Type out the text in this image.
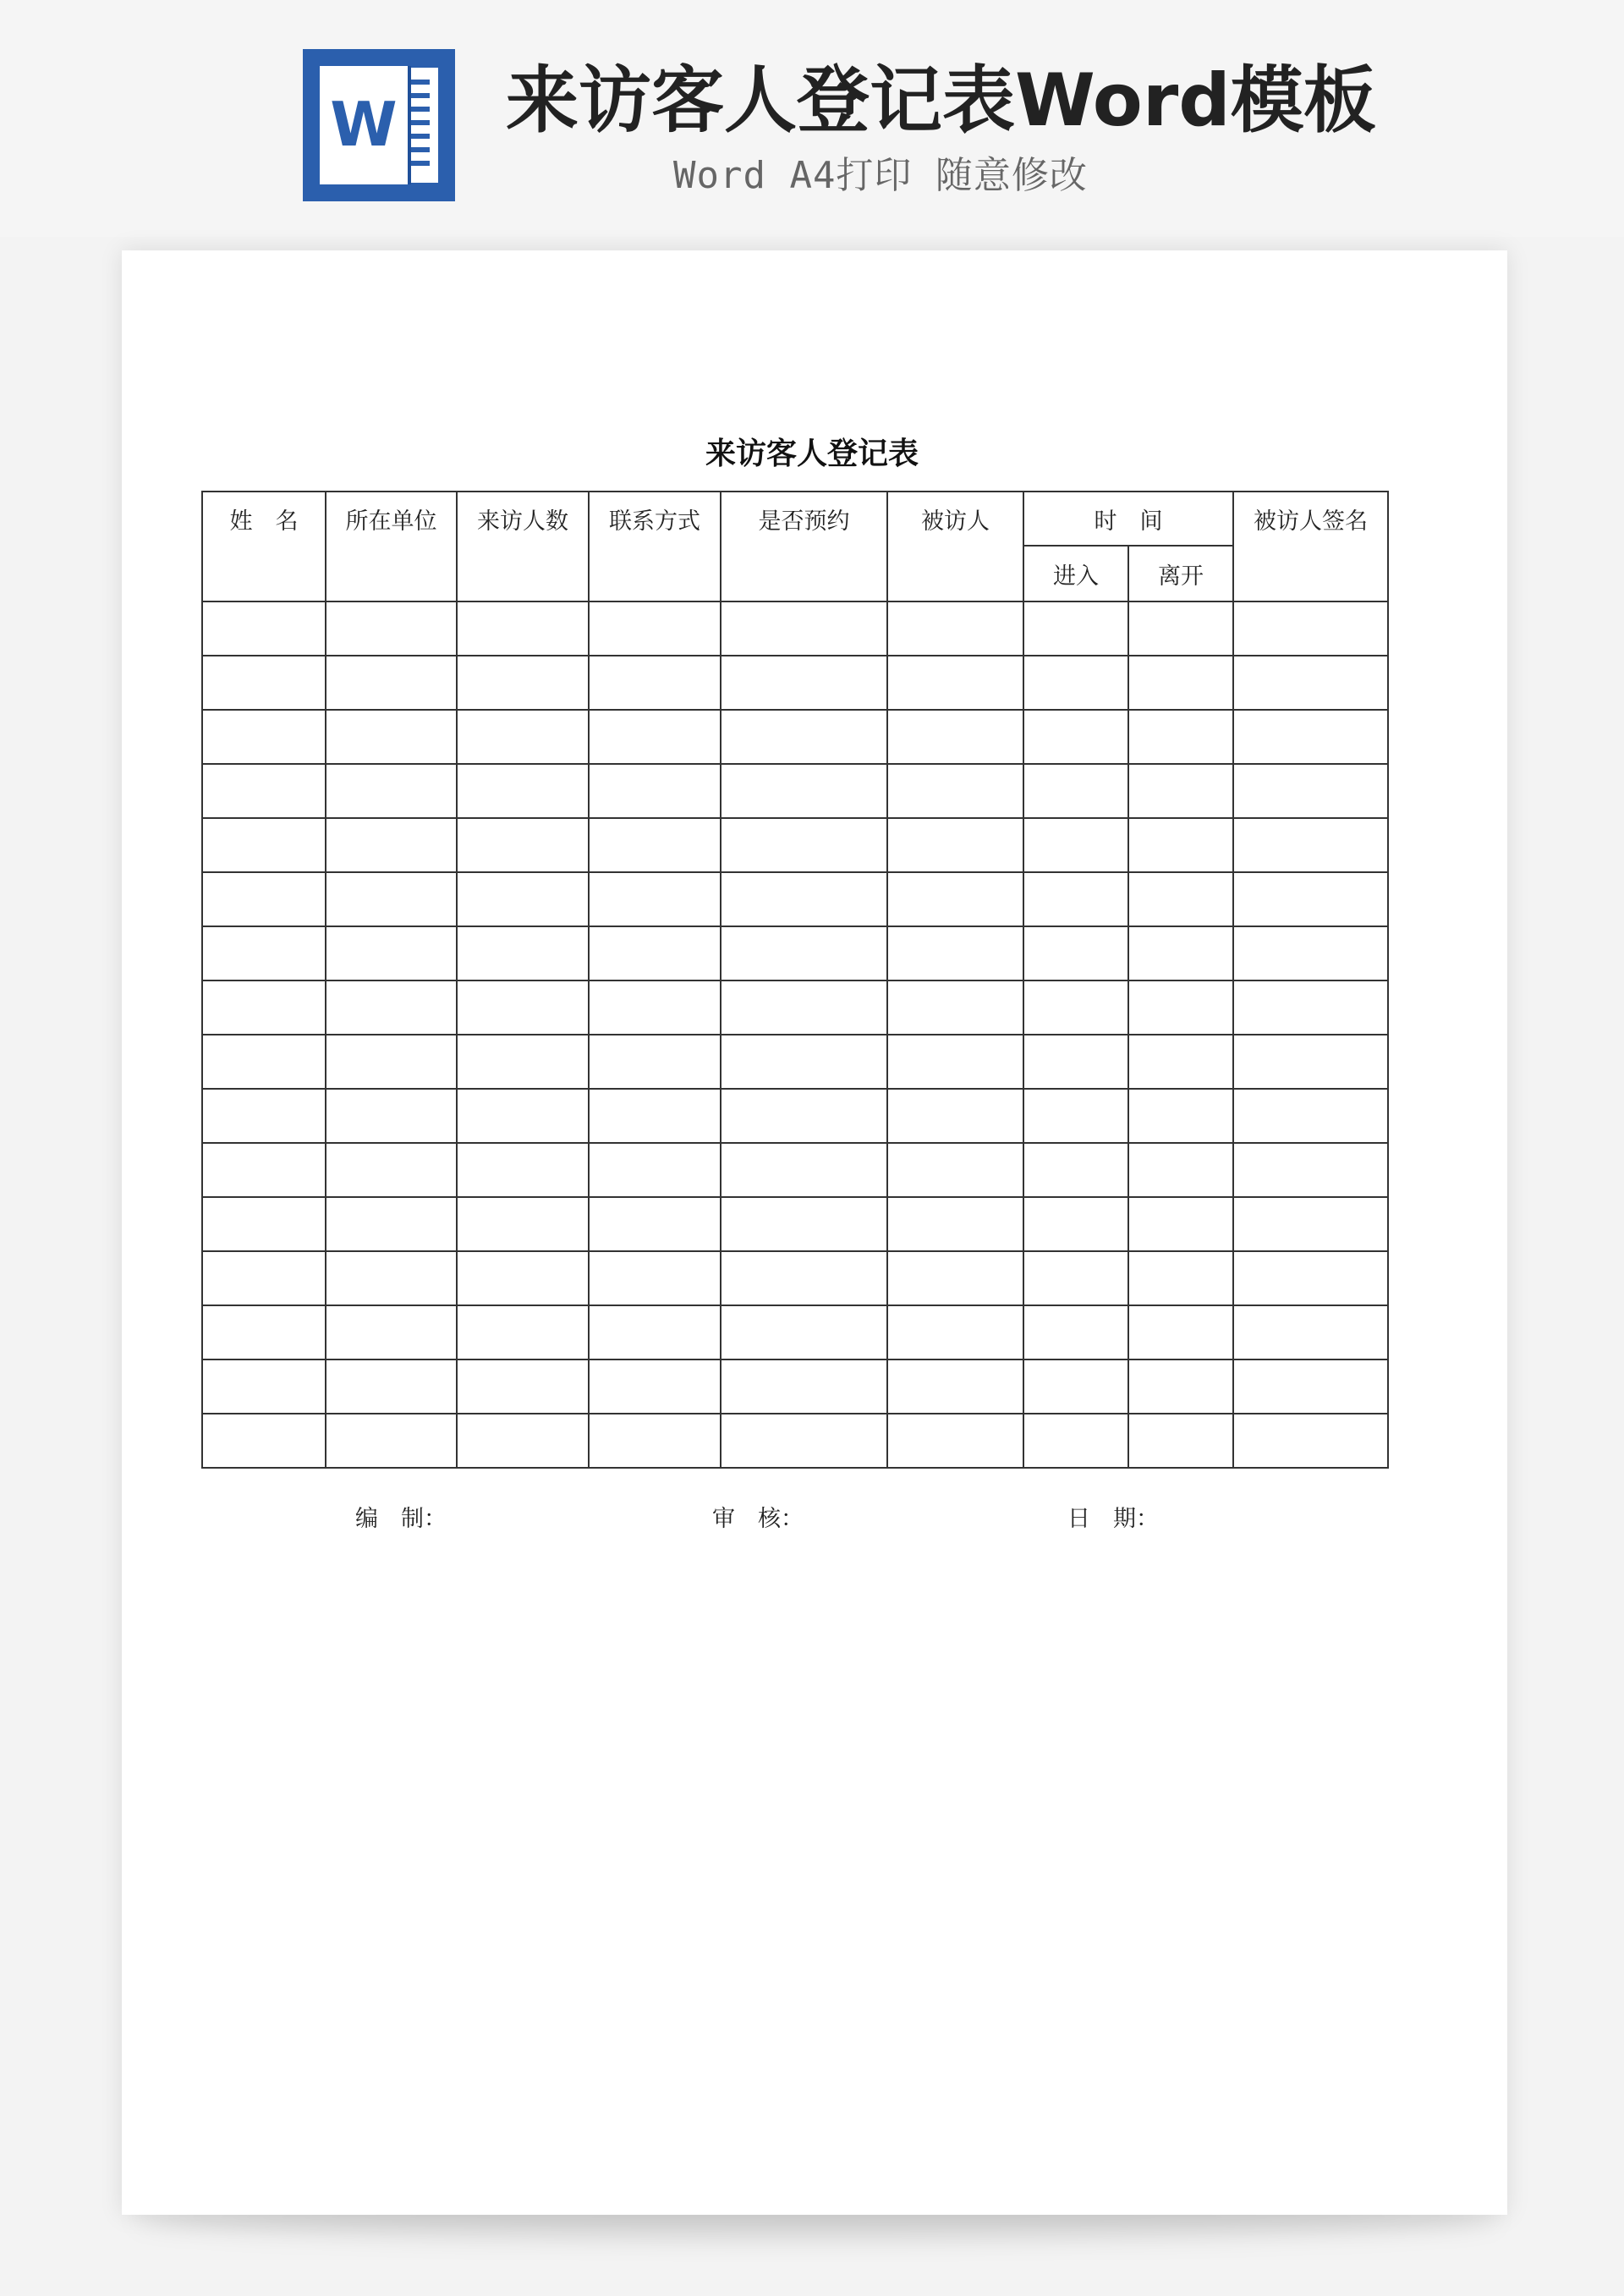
W 来访客人登记表Word模板
Word A4打印 随意修改
来访客人登记表
姓　名	所在单位	来访人数	联系方式	是否预约	被访人	时　间		被访人签名
						进入	离开	

编　制：	审　核：	日　期：
